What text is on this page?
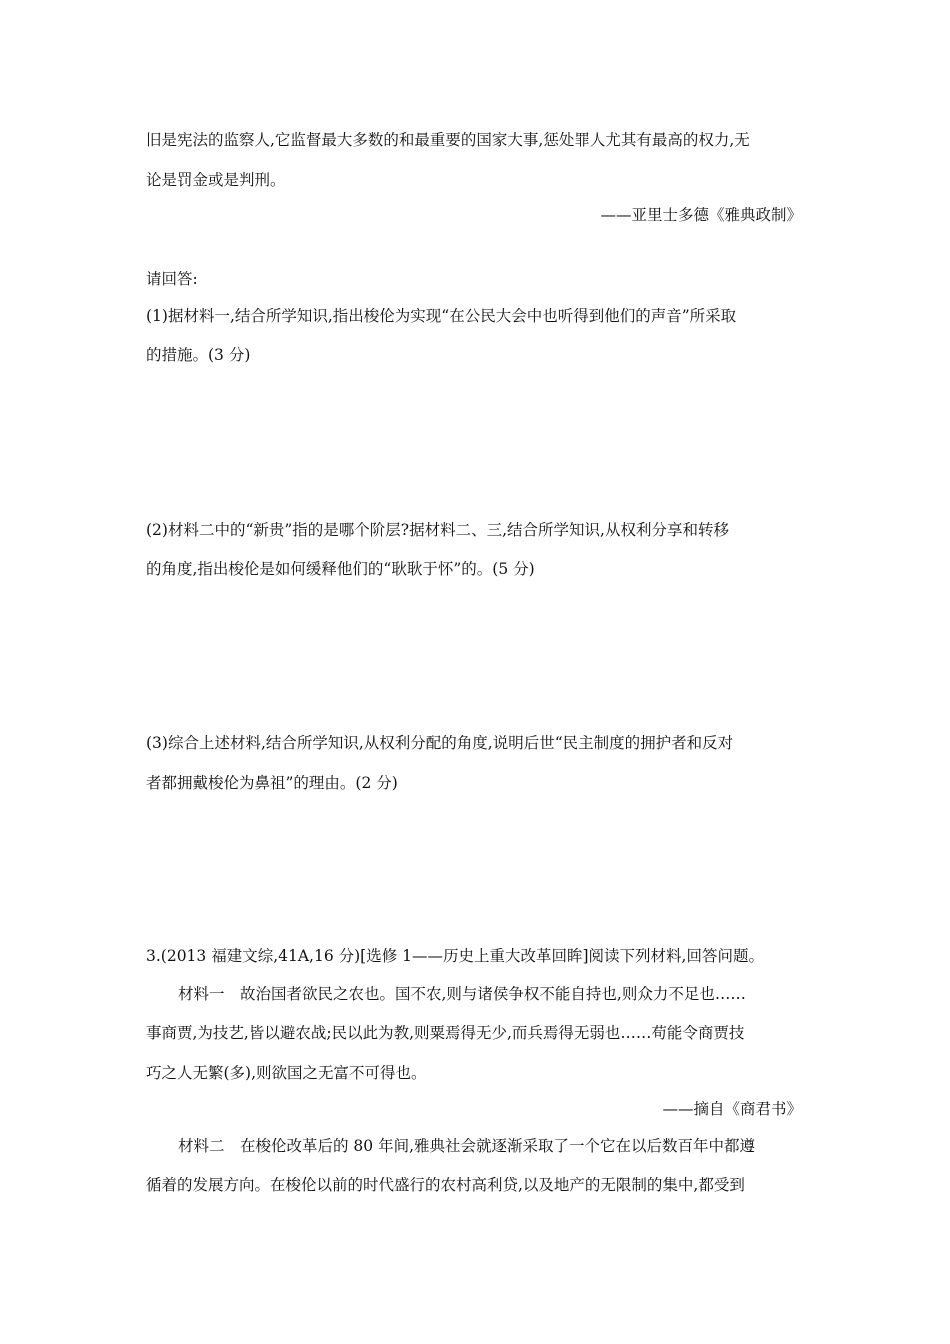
旧是宪法的监察人,它监督最大多数的和最重要的国家大事,惩处罪人尤其有最高的权力,无
论是罚金或是判刑。
——亚里士多德《雅典政制》
请回答:
(1)据材料一,结合所学知识,指出梭伦为实现“在公民大会中也听得到他们的声音”所采取
的措施。(3 分)
(2)材料二中的“新贵”指的是哪个阶层?据材料二、三,结合所学知识,从权利分享和转移
的角度,指出梭伦是如何缓释他们的“耿耿于怀”的。(5 分)
(3)综合上述材料,结合所学知识,从权利分配的角度,说明后世“民主制度的拥护者和反对
者都拥戴梭伦为鼻祖”的理由。(2 分)
3.(2013 福建文综,41A,16 分)[选修 1——历史上重大改革回眸]阅读下列材料,回答问题。
材料一　故治国者欲民之农也。国不农,则与诸侯争权不能自持也,则众力不足也……
事商贾,为技艺,皆以避农战;民以此为教,则粟焉得无少,而兵焉得无弱也……苟能令商贾技
巧之人无繁(多),则欲国之无富不可得也。
——摘自《商君书》
材料二　在梭伦改革后的 80 年间,雅典社会就逐渐采取了一个它在以后数百年中都遵
循着的发展方向。在梭伦以前的时代盛行的农村高利贷,以及地产的无限制的集中,都受到
